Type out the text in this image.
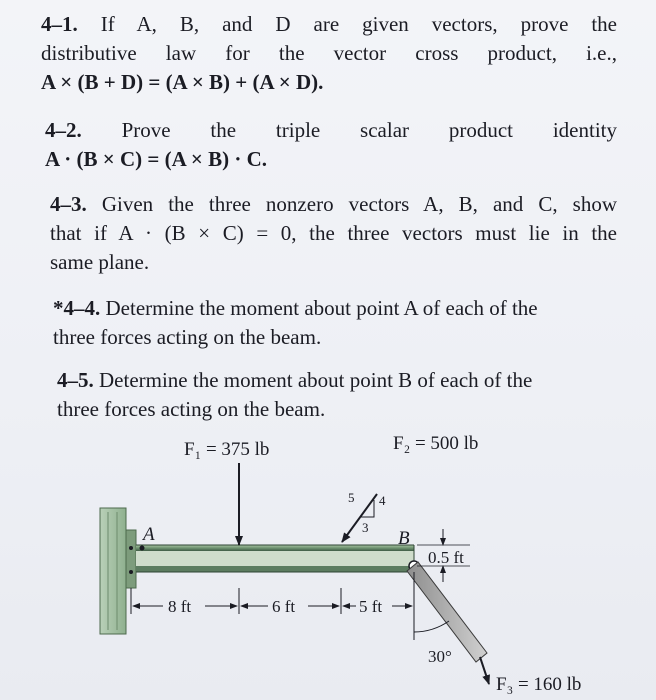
4–1. If A, B, and D are given vectors, prove the

distributive law for the vector cross product, i.e.,

A × (B + D) = (A × B) + (A × D).

4–2. Prove the triple scalar product identity

A · (B × C) = (A × B) · C.

4–3. Given the three nonzero vectors A, B, and C, show

that if A · (B × C) = 0, the three vectors must lie in the

same plane.

*4–4. Determine the moment about point A of each of the

three forces acting on the beam.

4–5. Determine the moment about point B of each of the

three forces acting on the beam.

A
F₁ = 375 lb	F₂ = 500 lb
5 4
3
B
F₃ = 160 lb
30°
0.5 ft
8 ft	6 ft	5 ft
